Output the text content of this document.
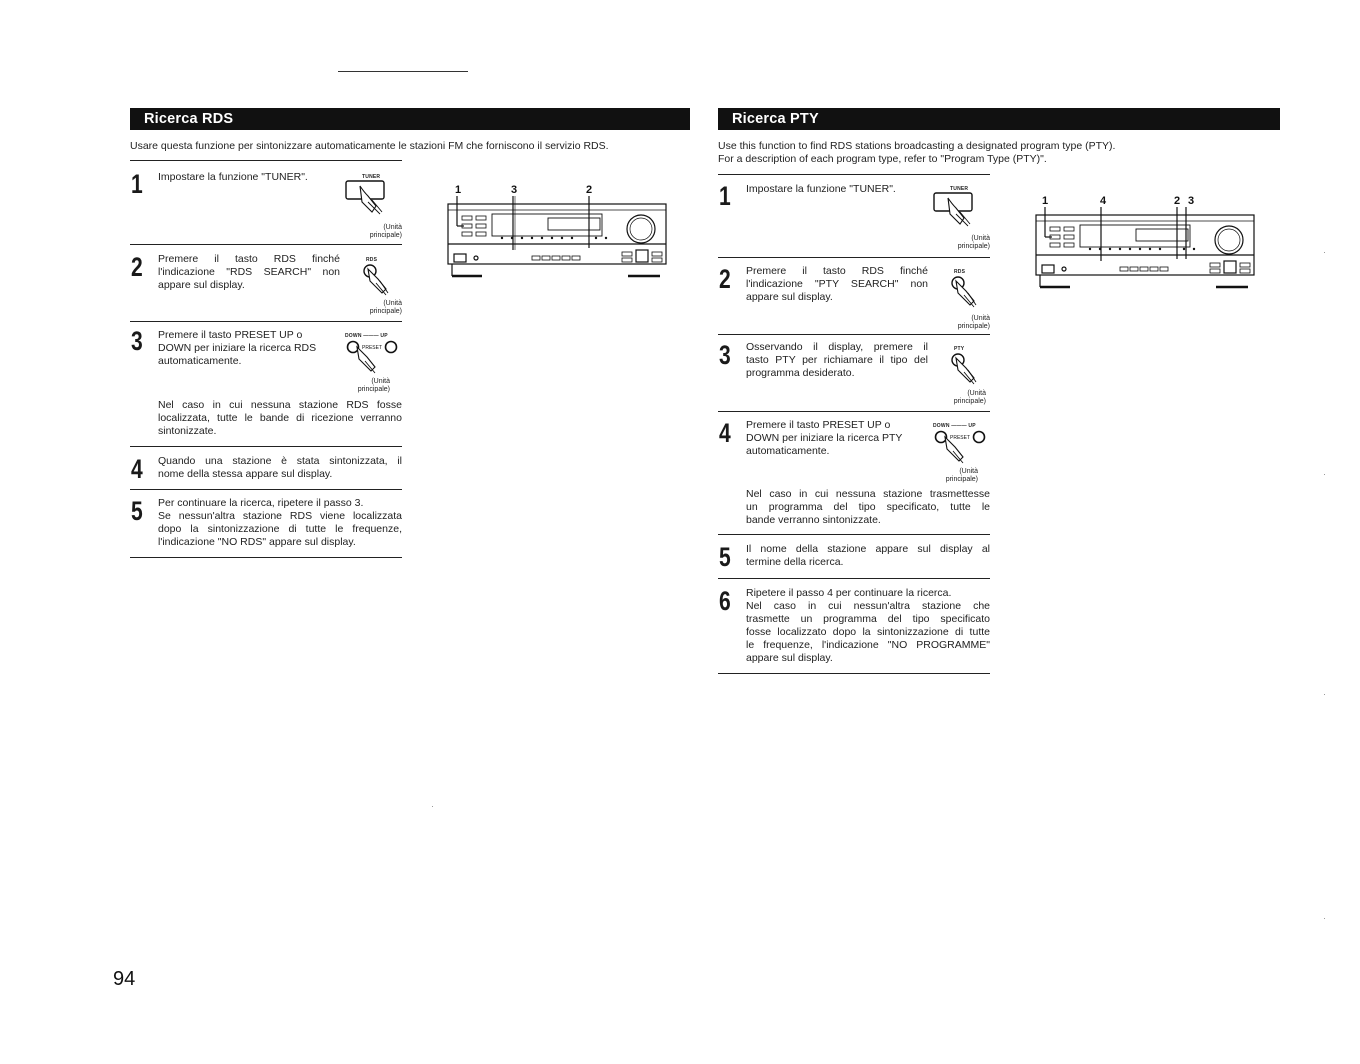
Ricerca RDS
Usare questa funzione per sintonizzare automaticamente le stazioni FM che forniscono il servizio RDS.
1 Impostare la funzione "TUNER".	TUNER
(Unità
principale)
2 Premere il tasto RDS finché
l'indicazione "RDS SEARCH" non
appare sul display.
RDS
(Unità
principale)
3 Premere il tasto PRESET UP o
DOWN per iniziare la ricerca RDS
automaticamente.
DOWN ——— UP
PRESET
(Unità
principale)
Nel caso in cui nessuna stazione RDS fosse
localizzata, tutte le bande di ricezione verranno
sintonizzate.
4 Quando una stazione è stata sintonizzata, il
nome della stessa appare sul display.
5 Per continuare la ricerca, ripetere il passo 3.
Se nessun'altra stazione RDS viene localizzata
dopo la sintonizzazione di tutte le frequenze,
l'indicazione "NO RDS" appare sul display.
1	3	2
Ricerca PTY
Use this function to find RDS stations broadcasting a designated program type (PTY).
For a description of each program type, refer to "Program Type (PTY)".
1 Impostare la funzione "TUNER".	TUNER
(Unità
principale)
2 Premere il tasto RDS finché
l'indicazione "PTY SEARCH" non
appare sul display.
RDS
(Unità
principale)
3 Osservando il display, premere il
tasto PTY per richiamare il tipo del
programma desiderato.
PTY
(Unità
principale)
4 Premere il tasto PRESET UP o
DOWN per iniziare la ricerca PTY
automaticamente.
DOWN ——— UP
PRESET
(Unità
principale)
Nel caso in cui nessuna stazione trasmettesse
un programma del tipo specificato, tutte le
bande verranno sintonizzate.
5 Il nome della stazione appare sul display al
termine della ricerca.
6 Ripetere il passo 4 per continuare la ricerca.
Nel caso in cui nessun'altra stazione che
trasmette un programma del tipo specificato
fosse localizzato dopo la sintonizzazione di tutte
le frequenze, l'indicazione "NO PROGRAMME"
appare sul display.
1	4	2 3
94
